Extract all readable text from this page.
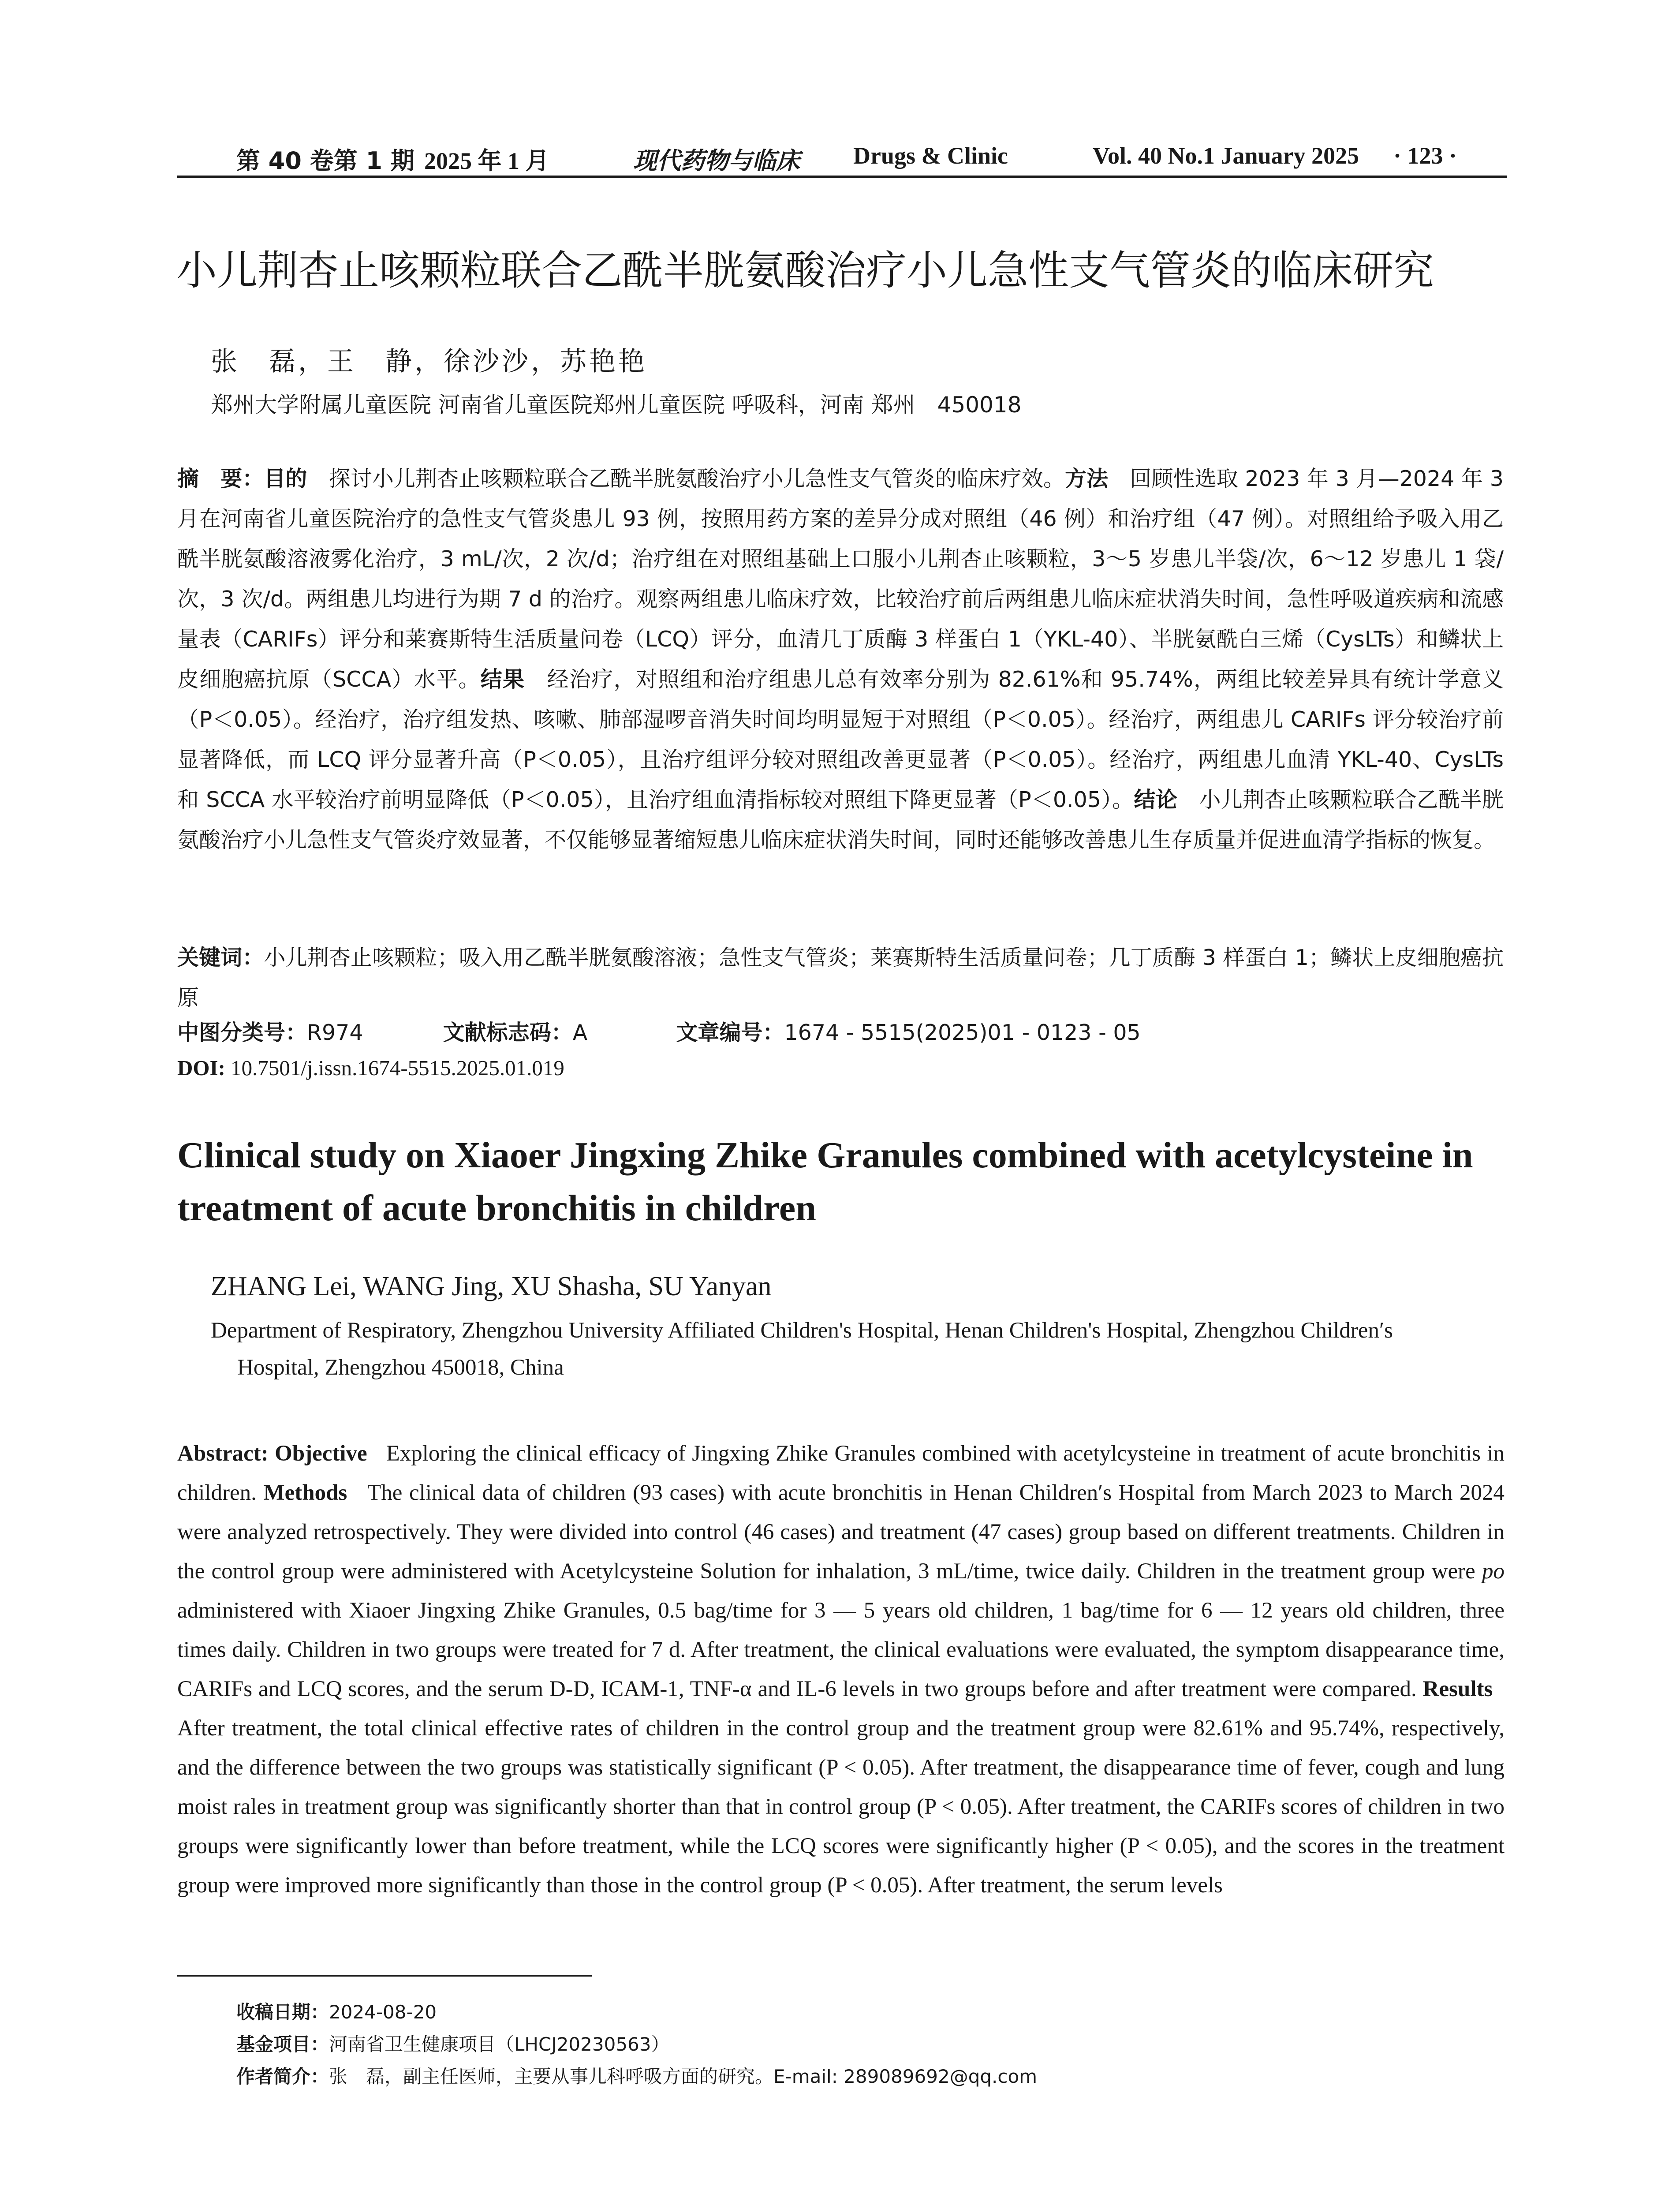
第 40 卷第 1 期 2025 年 1 月	现代药物与临床 Drugs & Clinic	Vol. 40 No.1 January 2025 · 123 ·
小儿荆杏止咳颗粒联合乙酰半胱氨酸治疗小儿急性支气管炎的临床研究
张　磊，王　静，徐沙沙，苏艳艳
郑州大学附属儿童医院 河南省儿童医院郑州儿童医院 呼吸科，河南 郑州　450018
摘　要：目的　 探讨小儿荆杏止咳颗粒联合乙酰半胱氨酸治疗小儿急性支气管炎的临床疗效。方法　 回顾性选取 2023 年 3 月—2024 年 3 月在河南省儿童医院治疗的急性支气管炎患儿 93 例，按照用药方案的差异分成对照组（46 例）和治疗组（47 例）。对照组给予吸入用乙酰半胱氨酸溶液雾化治疗，3 mL/次，2 次/d；治疗组在对照组基础上口服小儿荆杏止咳颗粒，3～5 岁患儿半袋/次，6～12 岁患儿 1 袋/次，3 次/d。两组患儿均进行为期 7 d 的治疗。观察两组患儿临床疗效，比较治疗前后两组患儿临床症状消失时间，急性呼吸道疾病和流感量表（CARIFs）评分和莱赛斯特生活质量问卷（LCQ）评分，血清几丁质酶 3 样蛋白 1（YKL-40）、半胱氨酰白三烯（CysLTs）和鳞状上皮细胞癌抗原（SCCA）水平。结果　 经治疗，对照组和治疗组患儿总有效率分别为 82.61%和 95.74%，两组比较差异具有统计学意义（P＜0.05）。经治疗，治疗组发热、咳嗽、肺部湿啰音消失时间均明显短于对照组（P＜0.05）。经治疗，两组患儿 CARIFs 评分较治疗前显著降低，而 LCQ 评分显著升高（P＜0.05），且治疗组评分较对照组改善更显著（P＜0.05）。经治疗，两组患儿血清 YKL-40、CysLTs 和 SCCA 水平较治疗前明显降低（P＜0.05），且治疗组血清指标较对照组下降更显著（P＜0.05）。结论　 小儿荆杏止咳颗粒联合乙酰半胱氨酸治疗小儿急性支气管炎疗效显著，不仅能够显著缩短患儿临床症状消失时间，同时还能够改善患儿生存质量并促进血清学指标的恢复。
关键词：小儿荆杏止咳颗粒；吸入用乙酰半胱氨酸溶液；急性支气管炎；莱赛斯特生活质量问卷；几丁质酶 3 样蛋白 1；鳞状上皮细胞癌抗原
中图分类号：R974	文献标志码：A	文章编号：1674 - 5515(2025)01 - 0123 - 05
DOI: 10.7501/j.issn.1674-5515.2025.01.019
Clinical study on Xiaoer Jingxing Zhike Granules combined with acetylcysteine in treatment of acute bronchitis in children
ZHANG Lei, WANG Jing, XU Shasha, SU Yanyan
Department of Respiratory, Zhengzhou University Affiliated Children's Hospital, Henan Children's Hospital, Zhengzhou Children′s
Hospital, Zhengzhou 450018, China
Abstract: Objective Exploring the clinical efficacy of Jingxing Zhike Granules combined with acetylcysteine in treatment of acute bronchitis in children. Methods The clinical data of children (93 cases) with acute bronchitis in Henan Children′s Hospital from March 2023 to March 2024 were analyzed retrospectively. They were divided into control (46 cases) and treatment (47 cases) group based on different treatments. Children in the control group were administered with Acetylcysteine Solution for inhalation, 3 mL/time, twice daily. Children in the treatment group were po administered with Xiaoer Jingxing Zhike Granules, 0.5 bag/time for 3 — 5 years old children, 1 bag/time for 6 — 12 years old children, three times daily. Children in two groups were treated for 7 d. After treatment, the clinical evaluations were evaluated, the symptom disappearance time, CARIFs and LCQ scores, and the serum D-D, ICAM-1, TNF-α and IL-6 levels in two groups before and after treatment were compared. Results   After treatment, the total clinical effective rates of children in the control group and the treatment group were 82.61% and 95.74%, respectively, and the difference between the two groups was statistically significant (P < 0.05). After treatment, the disappearance time of fever, cough and lung moist rales in treatment group was significantly shorter than that in control group (P < 0.05). After treatment, the CARIFs scores of children in two groups were significantly lower than before treatment, while the LCQ scores were significantly higher (P < 0.05), and the scores in the treatment group were improved more significantly than those in the control group (P < 0.05). After treatment, the serum levels
收稿日期：2024-08-20
基金项目：河南省卫生健康项目（LHCJ20230563）
作者简介：张　磊，副主任医师，主要从事儿科呼吸方面的研究。E-mail: 289089692@qq.com
